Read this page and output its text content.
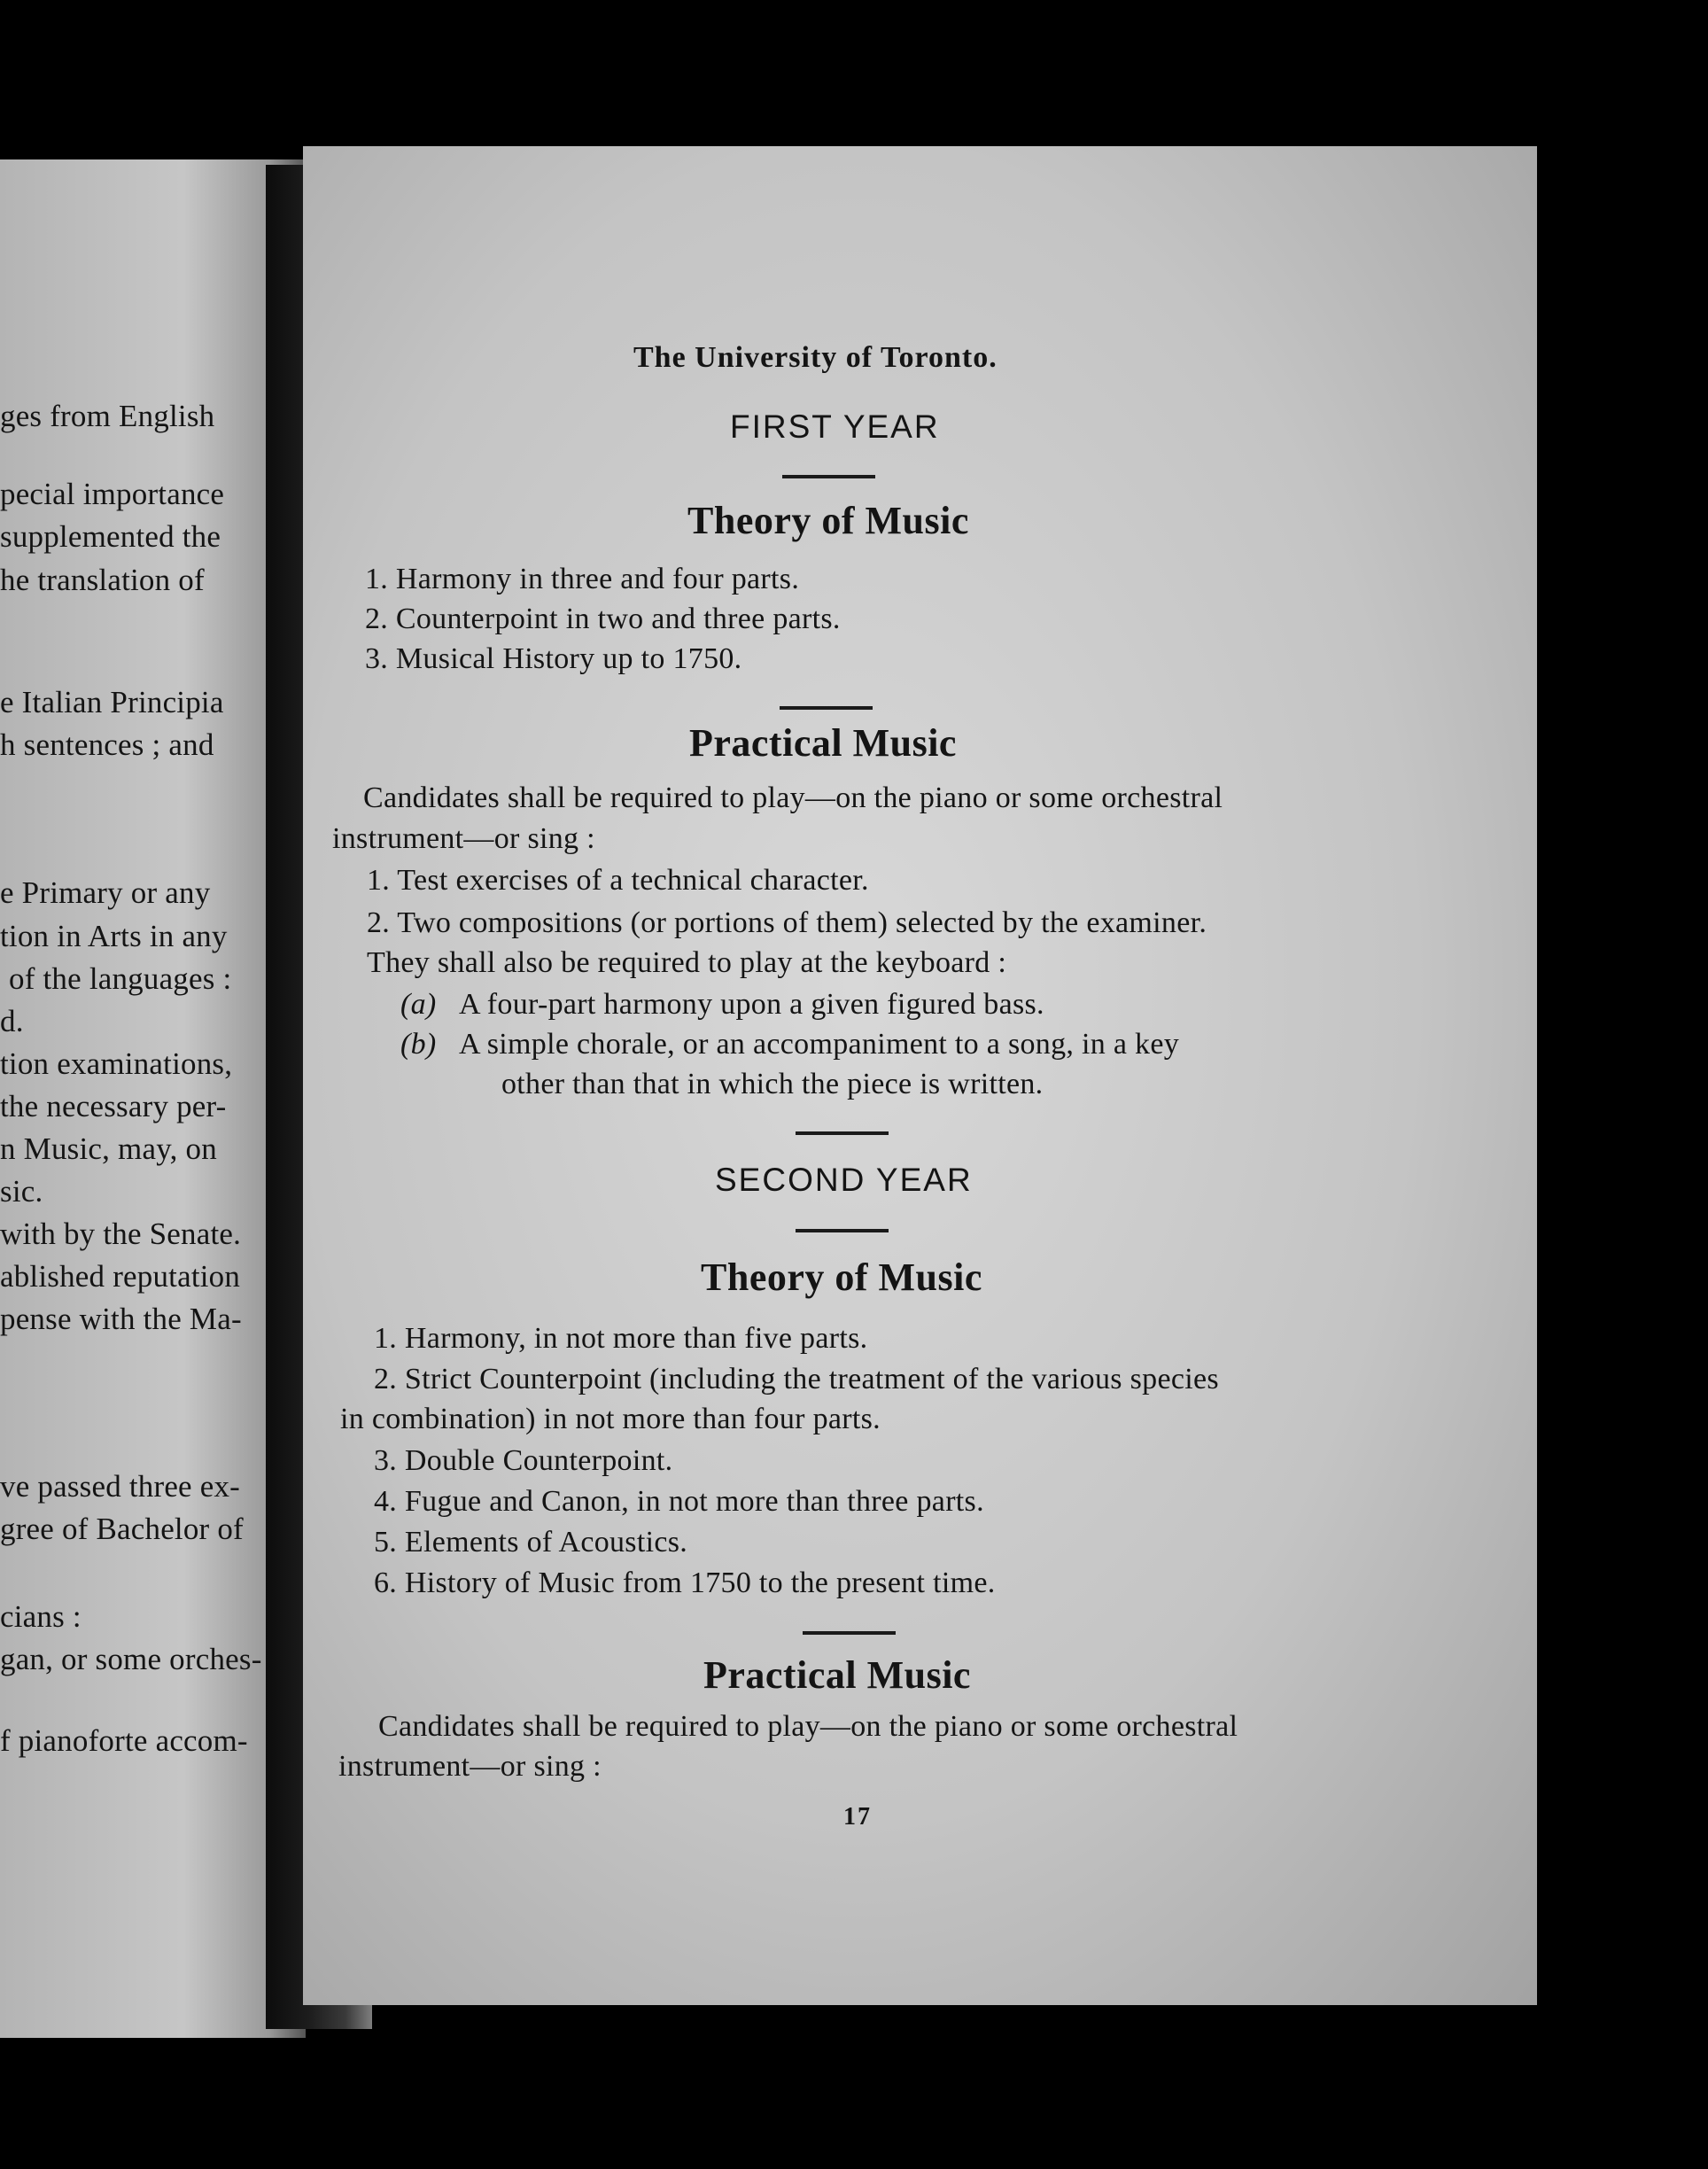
ges from English
pecial importance
supplemented the
he translation of
e Italian Principia
h sentences ; and
e Primary or any
tion in Arts in any
of the languages :
d.
tion examinations,
the necessary per-
n Music, may, on
sic.
with by the Senate.
ablished reputation
pense with the Ma-
ve passed three ex-
gree of Bachelor of
cians :
gan, or some orches-
f pianoforte accom-
The University of Toronto.
FIRST YEAR
Theory of Music
1. Harmony in three and four parts.
2. Counterpoint in two and three parts.
3. Musical History up to 1750.
Practical Music
Candidates shall be required to play—on the piano or some orchestral
instrument—or sing :
1. Test exercises of a technical character.
2. Two compositions (or portions of them) selected by the examiner.
They shall also be required to play at the keyboard :
(a) A four-part harmony upon a given figured bass.
(b) A simple chorale, or an accompaniment to a song, in a key
other than that in which the piece is written.
SECOND YEAR
Theory of Music
1. Harmony, in not more than five parts.
2. Strict Counterpoint (including the treatment of the various species
in combination) in not more than four parts.
3. Double Counterpoint.
4. Fugue and Canon, in not more than three parts.
5. Elements of Acoustics.
6. History of Music from 1750 to the present time.
Practical Music
Candidates shall be required to play—on the piano or some orchestral
instrument—or sing :
17
